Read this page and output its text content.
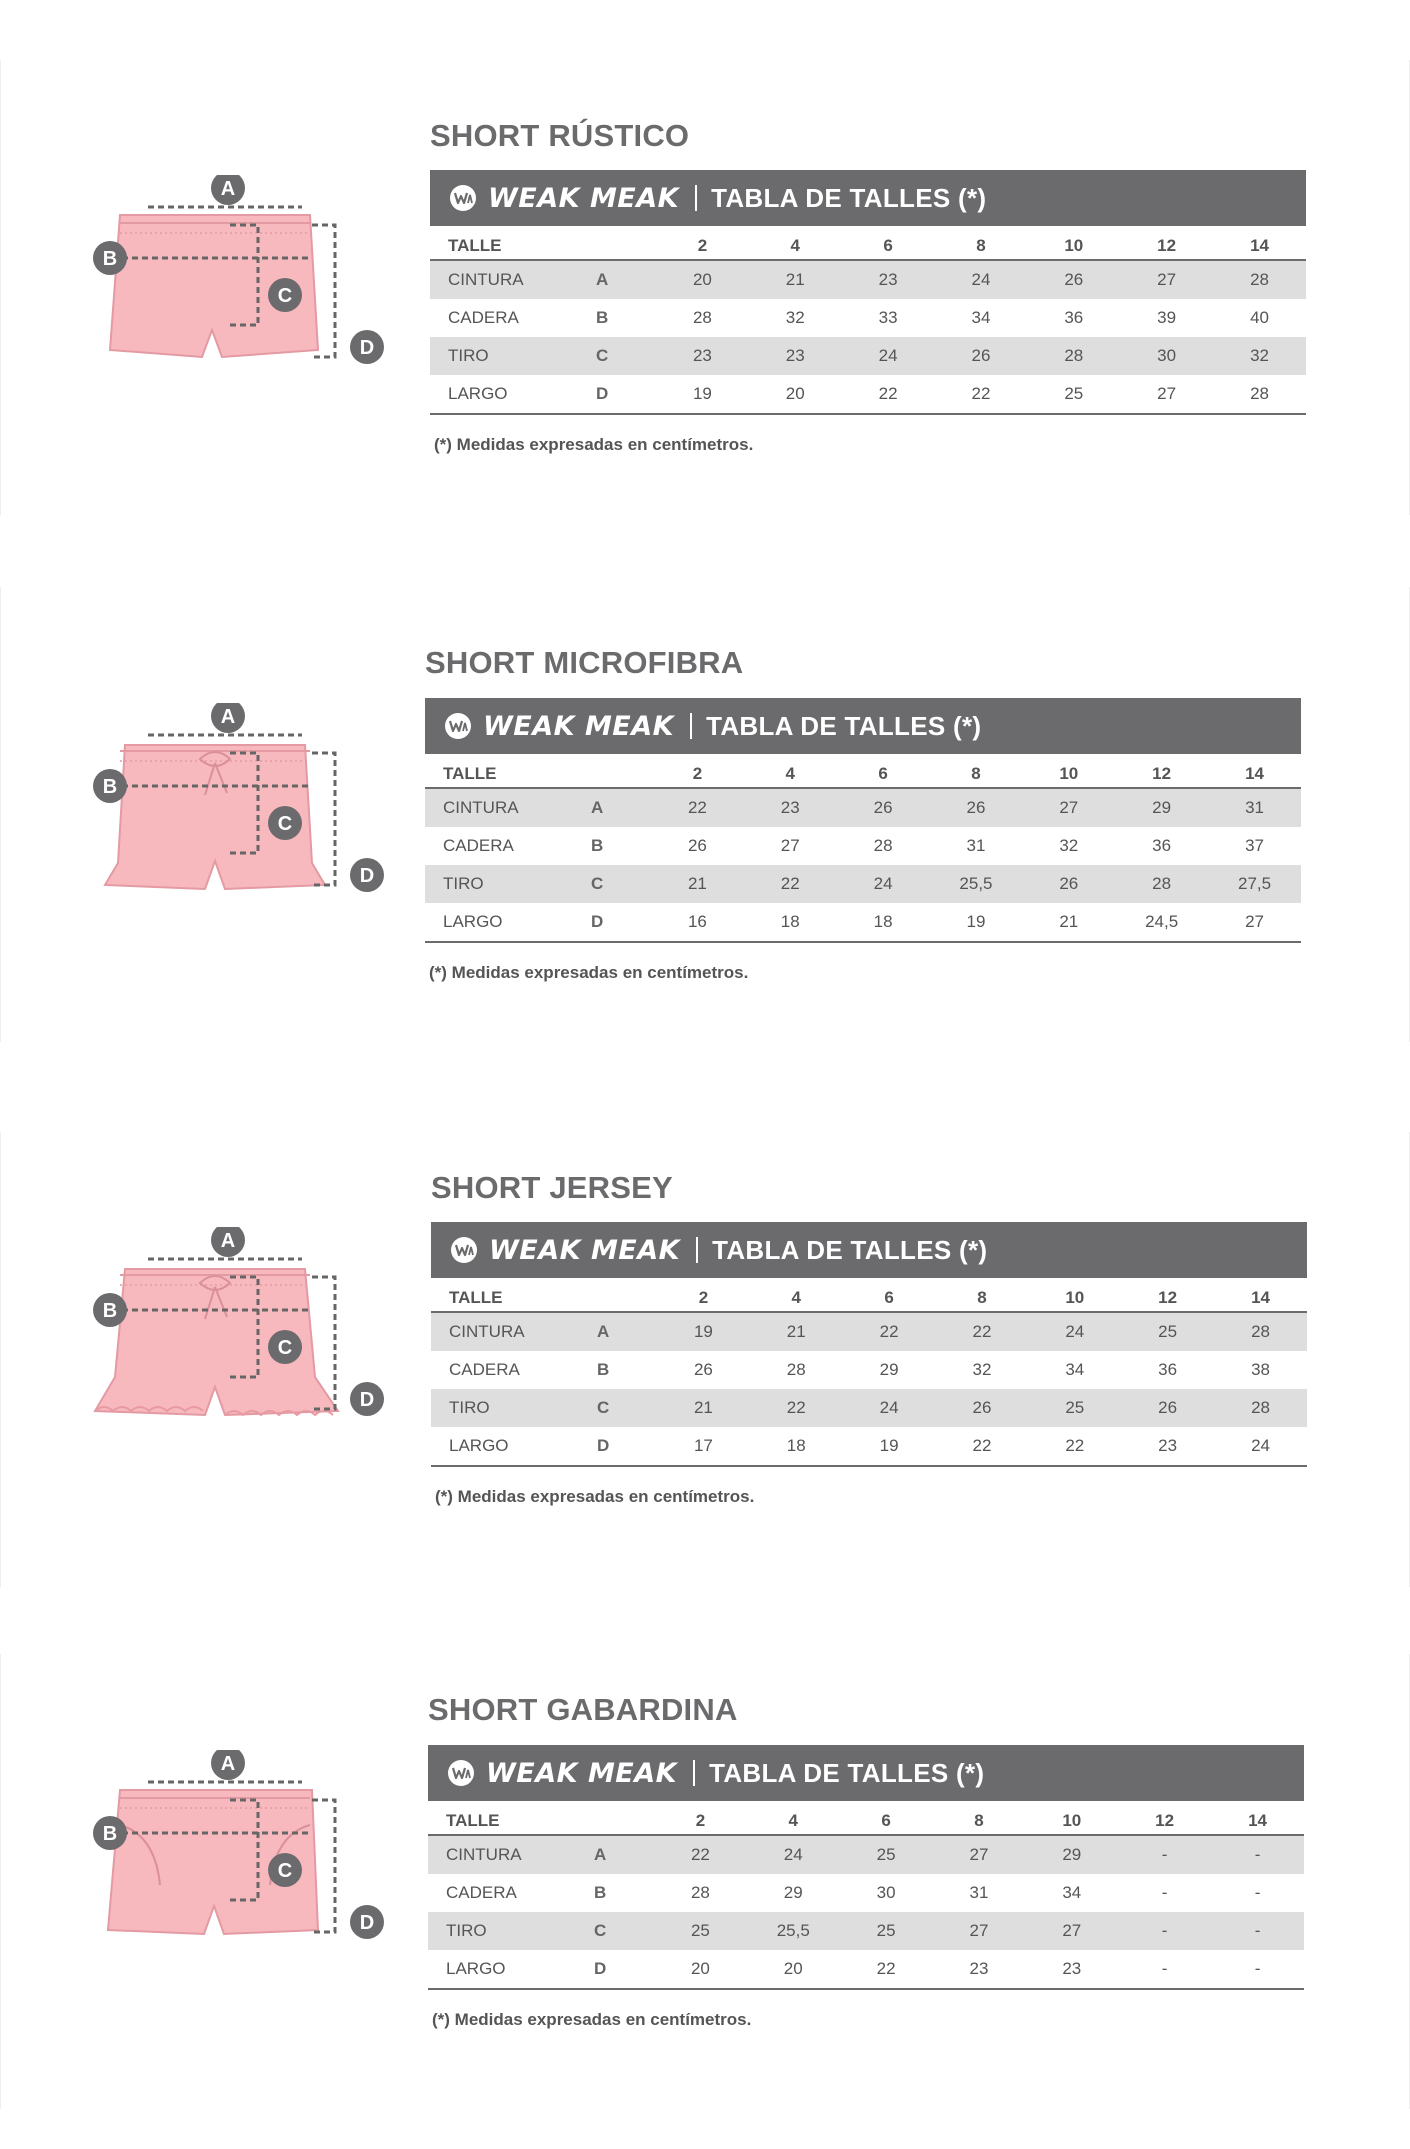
SHORT RÚSTICO
A
B
C
D
WEAK MEAK TABLA DE TALLES (*)
TALLE		2	4	6	8	10	12	14
CINTURA	A	20	21	23	24	26	27	28
CADERA	B	28	32	33	34	36	39	40
TIRO	C	23	23	24	26	28	30	32
LARGO	D	19	20	22	22	25	27	28

(*) Medidas expresadas en centímetros.

SHORT MICROFIBRA
A
B
C
D
WEAK MEAK TABLA DE TALLES (*)
TALLE		2	4	6	8	10	12	14
CINTURA	A	22	23	26	26	27	29	31
CADERA	B	26	27	28	31	32	36	37
TIRO	C	21	22	24	25,5	26	28	27,5
LARGO	D	16	18	18	19	21	24,5	27

(*) Medidas expresadas en centímetros.

SHORT JERSEY
A
B
C
D
WEAK MEAK TABLA DE TALLES (*)
TALLE		2	4	6	8	10	12	14
CINTURA	A	19	21	22	22	24	25	28
CADERA	B	26	28	29	32	34	36	38
TIRO	C	21	22	24	26	25	26	28
LARGO	D	17	18	19	22	22	23	24

(*) Medidas expresadas en centímetros.

SHORT GABARDINA
A
B
C
D
WEAK MEAK TABLA DE TALLES (*)
TALLE		2	4	6	8	10	12	14
CINTURA	A	22	24	25	27	29	-	-
CADERA	B	28	29	30	31	34	-	-
TIRO	C	25	25,5	25	27	27	-	-
LARGO	D	20	20	22	23	23	-	-

(*) Medidas expresadas en centímetros.
